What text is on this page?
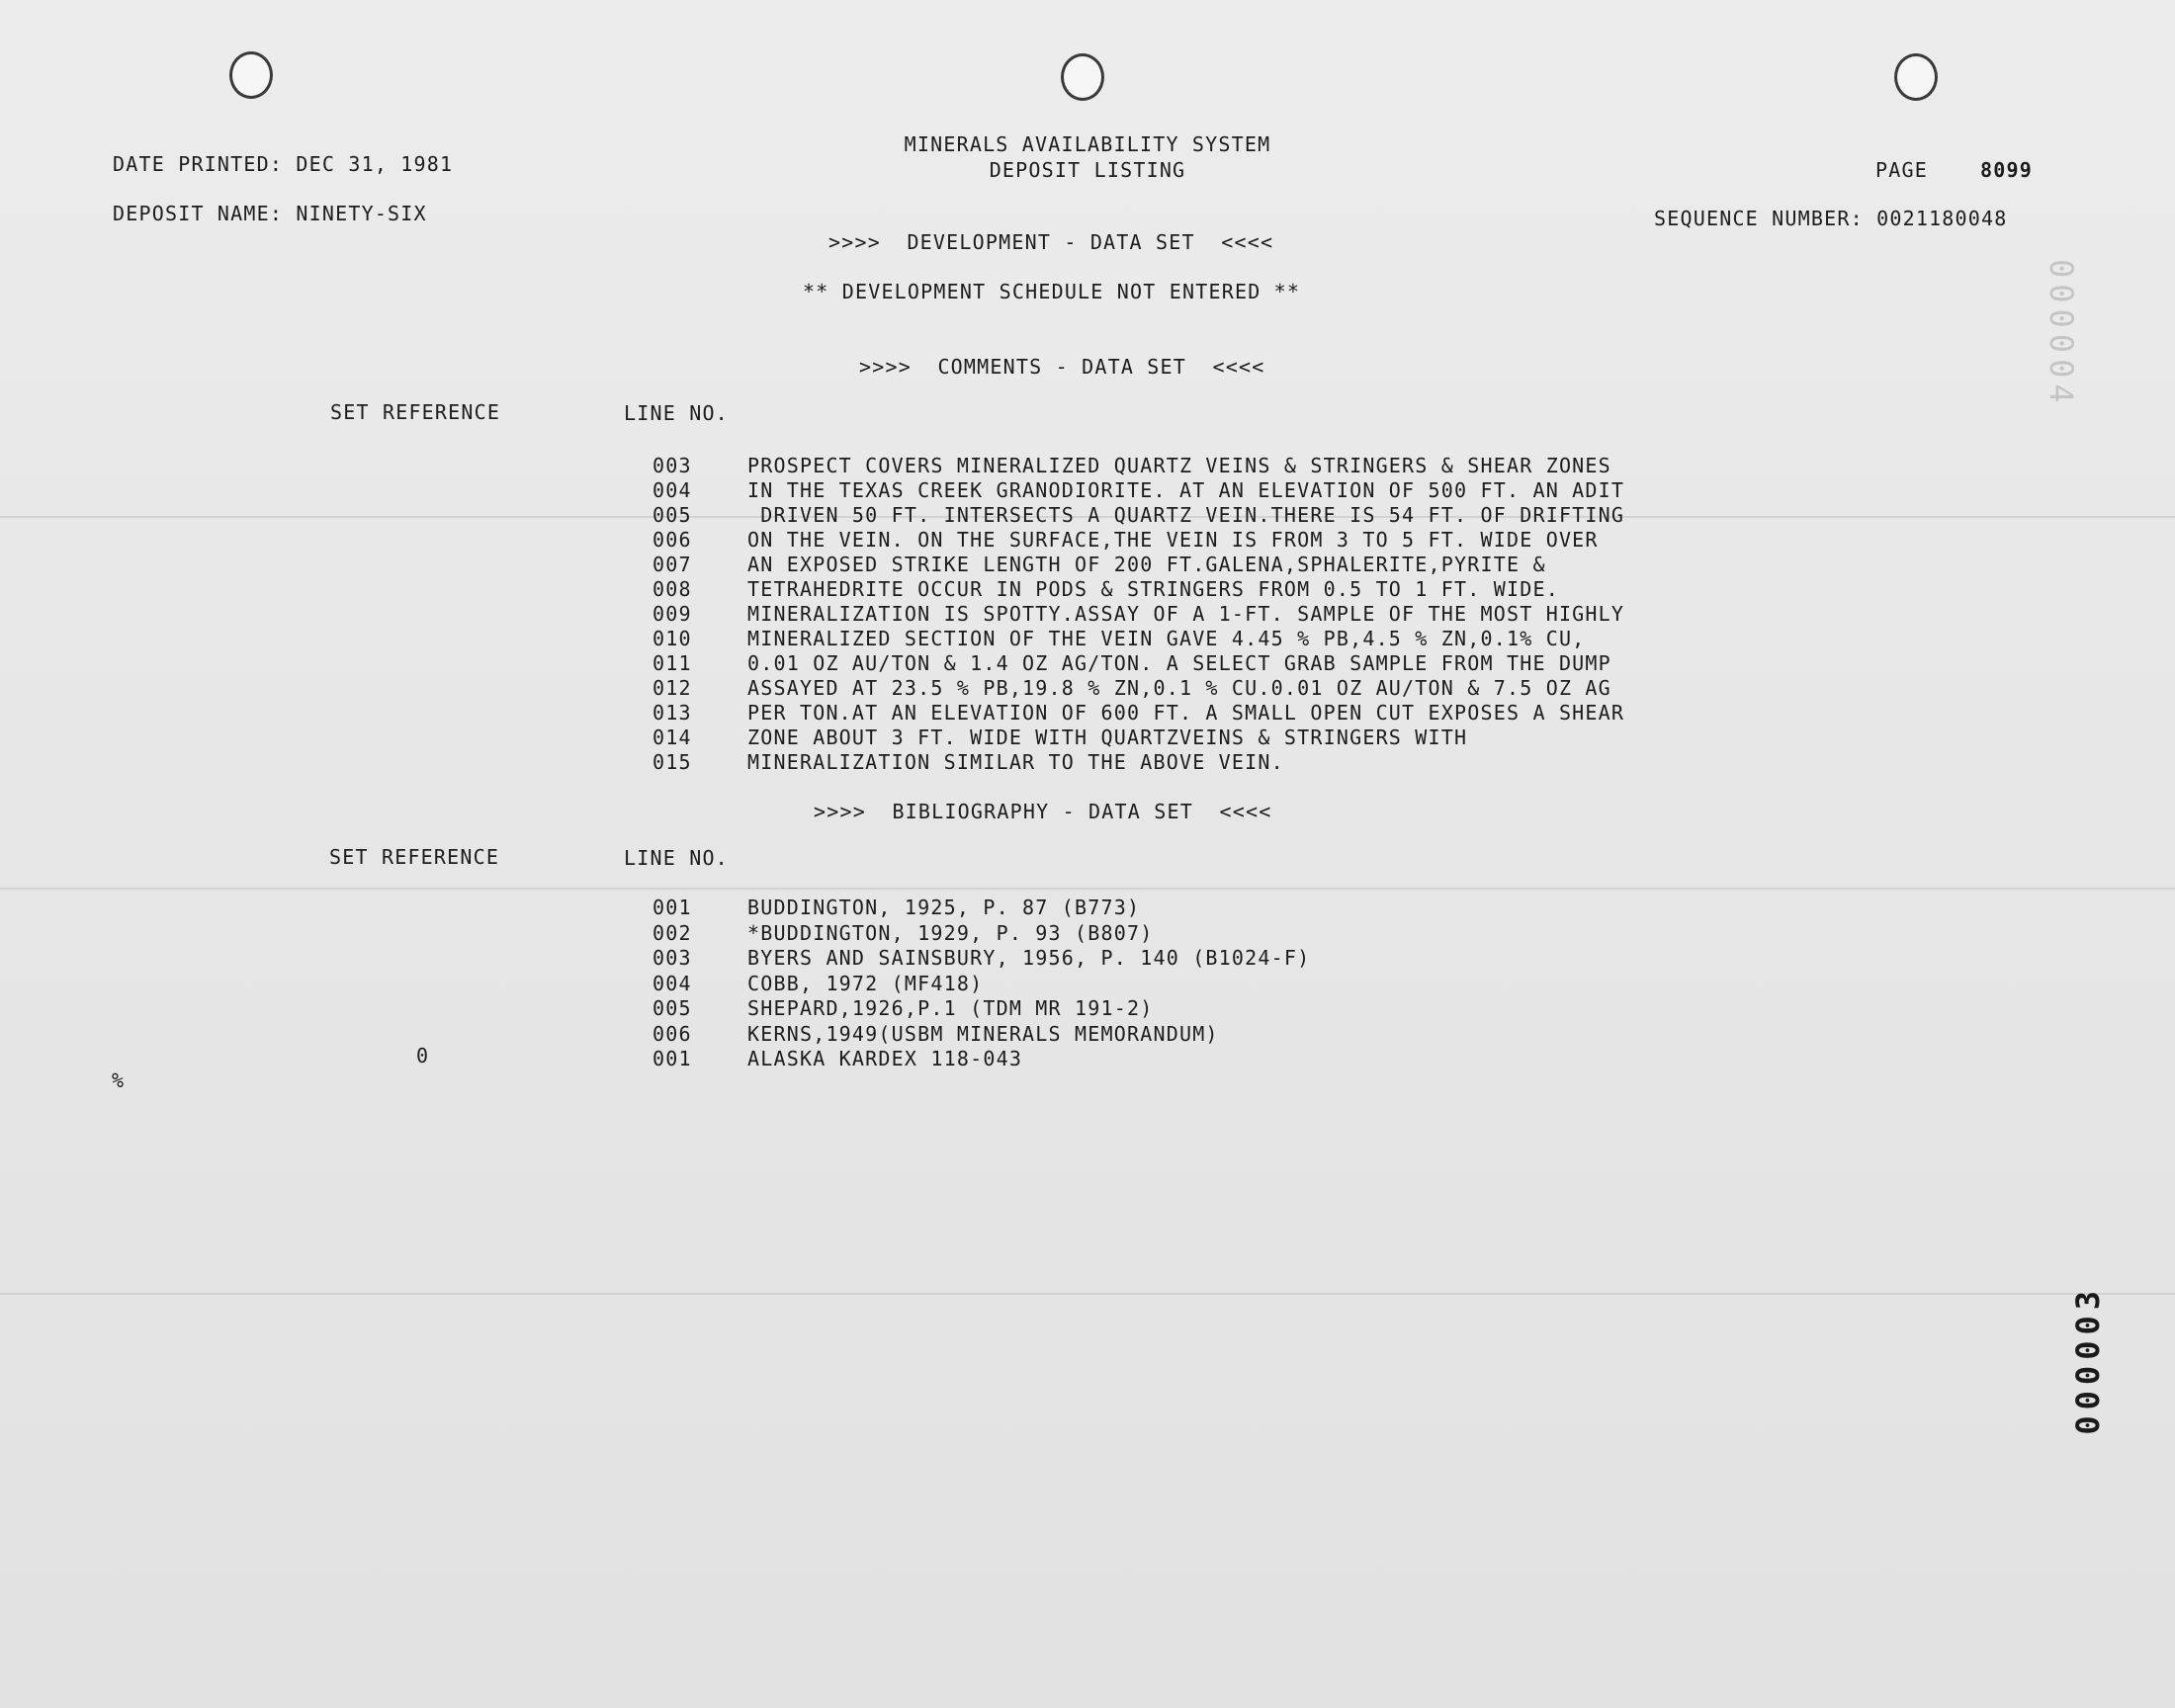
DATE PRINTED: DEC 31, 1981
MINERALS AVAILABILITY SYSTEM
DEPOSIT LISTING	PAGE	8099
DEPOSIT NAME: NINETY-SIX	SEQUENCE NUMBER: 0021180048
>>>>  DEVELOPMENT - DATA SET  <<<<
** DEVELOPMENT SCHEDULE NOT ENTERED **
>>>>  COMMENTS - DATA SET  <<<<
SET REFERENCE	LINE NO.
003	PROSPECT COVERS MINERALIZED QUARTZ VEINS & STRINGERS & SHEAR ZONES
004	IN THE TEXAS CREEK GRANODIORITE. AT AN ELEVATION OF 500 FT. AN ADIT
005	DRIVEN 50 FT. INTERSECTS A QUARTZ VEIN.THERE IS 54 FT. OF DRIFTING
006	ON THE VEIN. ON THE SURFACE,THE VEIN IS FROM 3 TO 5 FT. WIDE OVER
007	AN EXPOSED STRIKE LENGTH OF 200 FT.GALENA,SPHALERITE,PYRITE &
008	TETRAHEDRITE OCCUR IN PODS & STRINGERS FROM 0.5 TO 1 FT. WIDE.
009	MINERALIZATION IS SPOTTY.ASSAY OF A 1-FT. SAMPLE OF THE MOST HIGHLY
010	MINERALIZED SECTION OF THE VEIN GAVE 4.45 % PB,4.5 % ZN,0.1% CU,
011	0.01 OZ AU/TON & 1.4 OZ AG/TON. A SELECT GRAB SAMPLE FROM THE DUMP
012	ASSAYED AT 23.5 % PB,19.8 % ZN,0.1 % CU.0.01 OZ AU/TON & 7.5 OZ AG
013	PER TON.AT AN ELEVATION OF 600 FT. A SMALL OPEN CUT EXPOSES A SHEAR
014	ZONE ABOUT 3 FT. WIDE WITH QUARTZVEINS & STRINGERS WITH
015	MINERALIZATION SIMILAR TO THE ABOVE VEIN.
>>>>  BIBLIOGRAPHY - DATA SET  <<<<
SET REFERENCE	LINE NO.
001	BUDDINGTON, 1925, P. 87 (B773)
002	*BUDDINGTON, 1929, P. 93 (B807)
003	BYERS AND SAINSBURY, 1956, P. 140 (B1024-F)
004	COBB, 1972 (MF418)
005	SHEPARD,1926,P.1 (TDM MR 191-2)
006	KERNS,1949(USBM MINERALS MEMORANDUM)
001	ALASKA KARDEX 118-043
0
%
000004
000003
